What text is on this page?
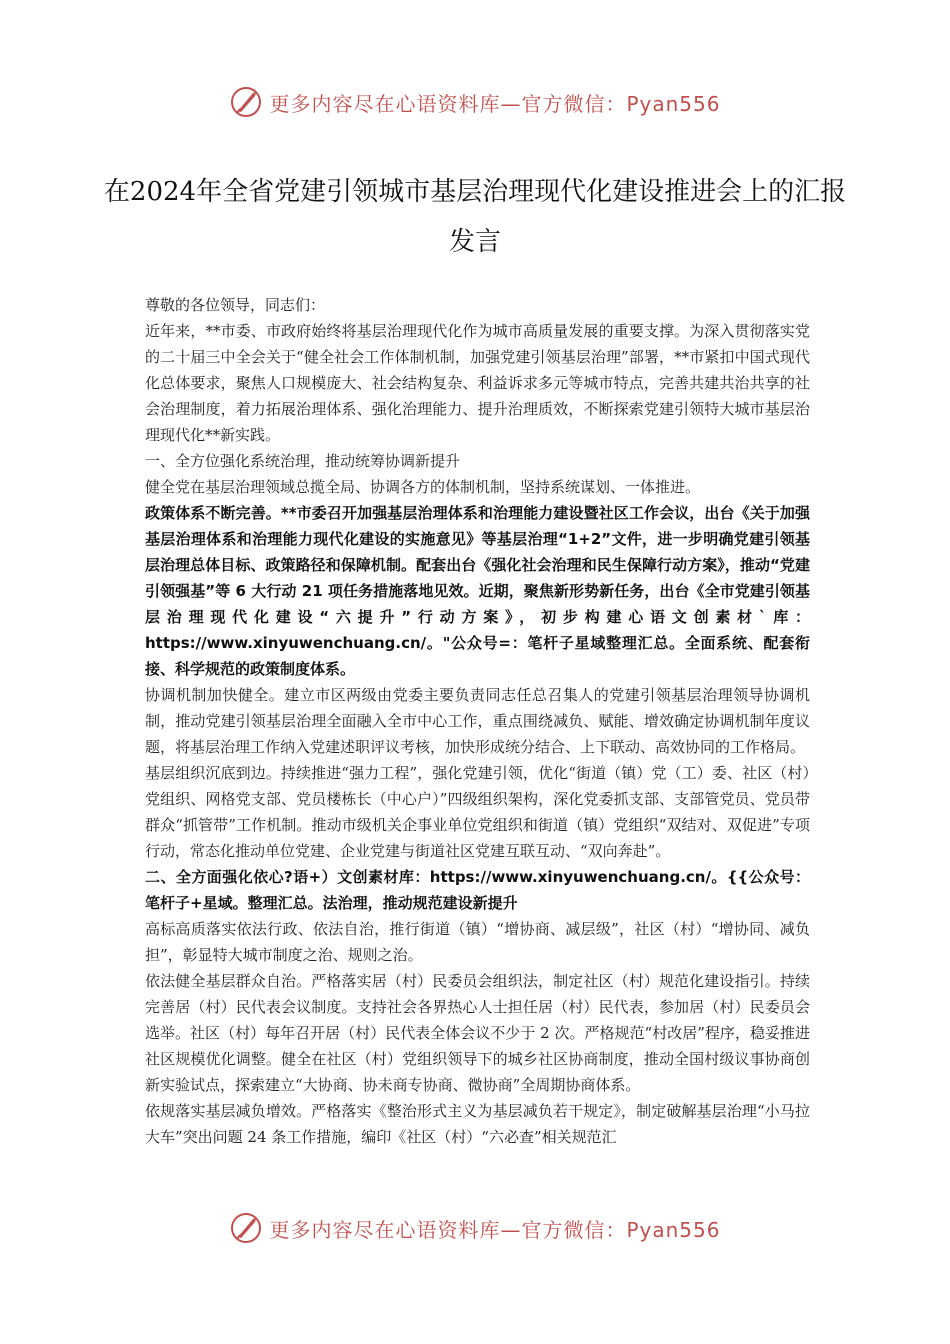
更多内容尽在心语资料库—官方微信：Pyan556
在2024年全省党建引领城市基层治理现代化建设推进会上的汇报发言

尊敬的各位领导，同志们：

近年来，**市委、市政府始终将基层治理现代化作为城市高质量发展的重要支撑。为深入贯彻落实党的二十届三中全会关于“健全社会工作体制机制，加强党建引领基层治理”部署，**市紧扣中国式现代化总体要求，聚焦人口规模庞大、社会结构复杂、利益诉求多元等城市特点，完善共建共治共享的社会治理制度，着力拓展治理体系、强化治理能力、提升治理质效，不断探索党建引领特大城市基层治理现代化**新实践。

一、全方位强化系统治理，推动统筹协调新提升

健全党在基层治理领域总揽全局、协调各方的体制机制，坚持系统谋划、一体推进。

政策体系不断完善。**市委召开加强基层治理体系和治理能力建设暨社区工作会议，出台《关于加强基层治理体系和治理能力现代化建设的实施意见》等基层治理“1+2”文件，进一步明确党建引领基层治理总体目标、政策路径和保障机制。配套出台《强化社会治理和民生保障行动方案》，推动“党建引领强基”等 6 大行动 21 项任务措施落地见效。近期，聚焦新形势新任务，出台《全市党建引领基层治理现代化建设“六提升”行动方案》，初步构建心语文创素材`库：https://www.xinyuwenchuang.cn/。"公众号=：笔杆子星域整理汇总。全面系统、配套衔接、科学规范的政策制度体系。

协调机制加快健全。建立市区两级由党委主要负责同志任总召集人的党建引领基层治理领导协调机制，推动党建引领基层治理全面融入全市中心工作，重点围绕减负、赋能、增效确定协调机制年度议题，将基层治理工作纳入党建述职评议考核，加快形成统分结合、上下联动、高效协同的工作格局。

基层组织沉底到边。持续推进“强力工程”，强化党建引领，优化“街道（镇）党（工）委、社区（村）党组织、网格党支部、党员楼栋长（中心户）”四级组织架构，深化党委抓支部、支部管党员、党员带群众“抓管带”工作机制。推动市级机关企事业单位党组织和街道（镇）党组织“双结对、双促进”专项行动，常态化推动单位党建、企业党建与街道社区党建互联互动、“双向奔赴”。

二、全方面强化依心?语+）文创素材库：https://www.xinyuwenchuang.cn/。{{公众号：笔杆子+星域。整理汇总。法治理，推动规范建设新提升

高标高质落实依法行政、依法自治，推行街道（镇）“增协商、减层级”，社区（村）“增协同、减负担”，彰显特大城市制度之治、规则之治。

依法健全基层群众自治。严格落实居（村）民委员会组织法，制定社区（村）规范化建设指引。持续完善居（村）民代表会议制度。支持社会各界热心人士担任居（村）民代表，参加居（村）民委员会选举。社区（村）每年召开居（村）民代表全体会议不少于 2 次。严格规范“村改居”程序，稳妥推进社区规模优化调整。健全在社区（村）党组织领导下的城乡社区协商制度，推动全国村级议事协商创新实验试点，探索建立“大协商、协未商专协商、微协商”全周期协商体系。

依规落实基层减负增效。严格落实《整治形式主义为基层减负若干规定》，制定破解基层治理“小马拉大车”突出问题 24 条工作措施，编印《社区（村）“六必查”相关规范汇

更多内容尽在心语资料库—官方微信：Pyan556
